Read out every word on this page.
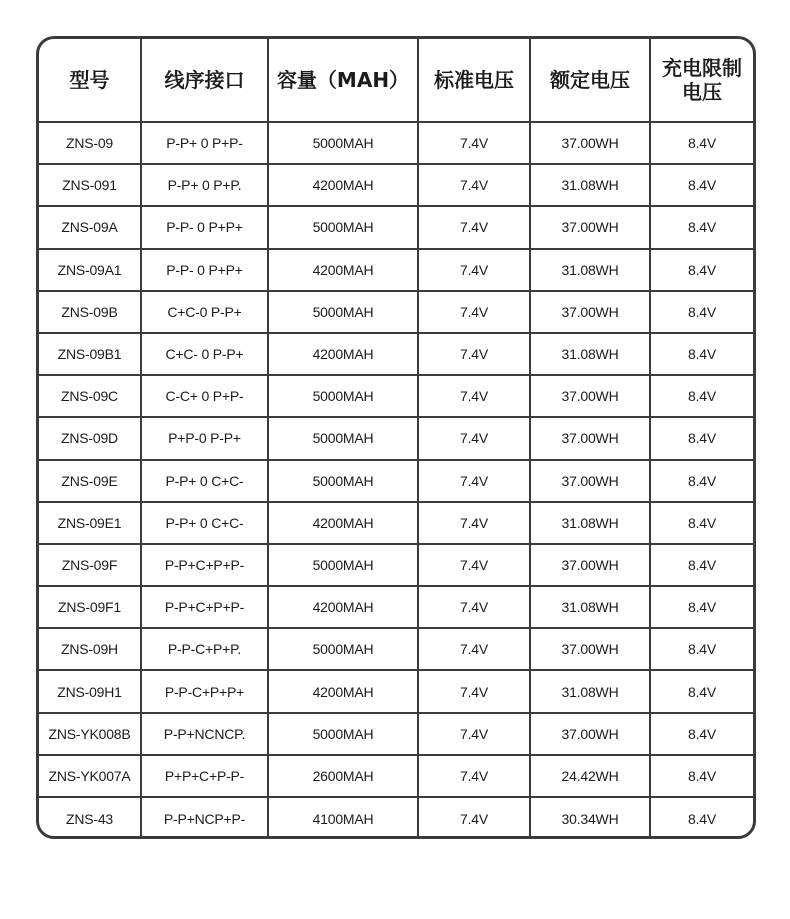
型号	线序接口	容量（MAH）	标准电压	额定电压	充电限制
电压
ZNS-09	P-P+ 0 P+P-	5000MAH	7.4V	37.00WH	8.4V
ZNS-091	P-P+ 0 P+P.	4200MAH	7.4V	31.08WH	8.4V
ZNS-09A	P-P- 0 P+P+	5000MAH	7.4V	37.00WH	8.4V
ZNS-09A1	P-P- 0 P+P+	4200MAH	7.4V	31.08WH	8.4V
ZNS-09B	C+C-0 P-P+	5000MAH	7.4V	37.00WH	8.4V
ZNS-09B1	C+C- 0 P-P+	4200MAH	7.4V	31.08WH	8.4V
ZNS-09C	C-C+ 0 P+P-	5000MAH	7.4V	37.00WH	8.4V
ZNS-09D	P+P-0 P-P+	5000MAH	7.4V	37.00WH	8.4V
ZNS-09E	P-P+ 0 C+C-	5000MAH	7.4V	37.00WH	8.4V
ZNS-09E1	P-P+ 0 C+C-	4200MAH	7.4V	31.08WH	8.4V
ZNS-09F	P-P+C+P+P-	5000MAH	7.4V	37.00WH	8.4V
ZNS-09F1	P-P+C+P+P-	4200MAH	7.4V	31.08WH	8.4V
ZNS-09H	P-P-C+P+P.	5000MAH	7.4V	37.00WH	8.4V
ZNS-09H1	P-P-C+P+P+	4200MAH	7.4V	31.08WH	8.4V
ZNS-YK008B	P-P+NCNCP.	5000MAH	7.4V	37.00WH	8.4V
ZNS-YK007A	P+P+C+P-P-	2600MAH	7.4V	24.42WH	8.4V
ZNS-43	P-P+NCP+P-	4100MAH	7.4V	30.34WH	8.4V
